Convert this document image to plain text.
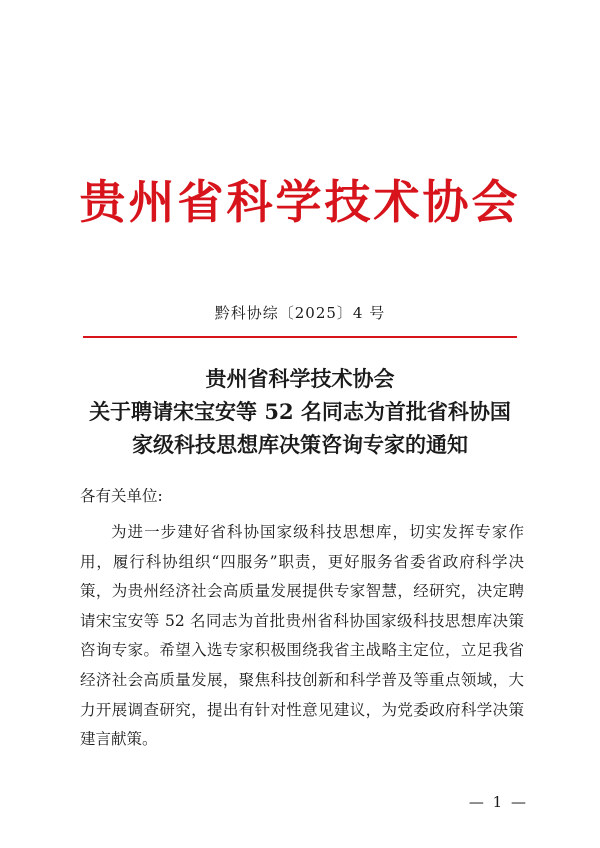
贵州省科学技术协会
黔科协综〔2025〕4 号
贵州省科学技术协会
关于聘请宋宝安等 52 名同志为首批省科协国
家级科技思想库决策咨询专家的通知
各有关单位:

为进一步建好省科协国家级科技思想库，切实发挥专家作用，履行科协组织“四服务”职责，更好服务省委省政府科学决策，为贵州经济社会高质量发展提供专家智慧，经研究，决定聘请宋宝安等 52 名同志为首批贵州省科协国家级科技思想库决策咨询专家。希望入选专家积极围绕我省主战略主定位，立足我省经济社会高质量发展，聚焦科技创新和科学普及等重点领域，大力开展调查研究，提出有针对性意见建议，为党委政府科学决策建言献策。

— 1 —
